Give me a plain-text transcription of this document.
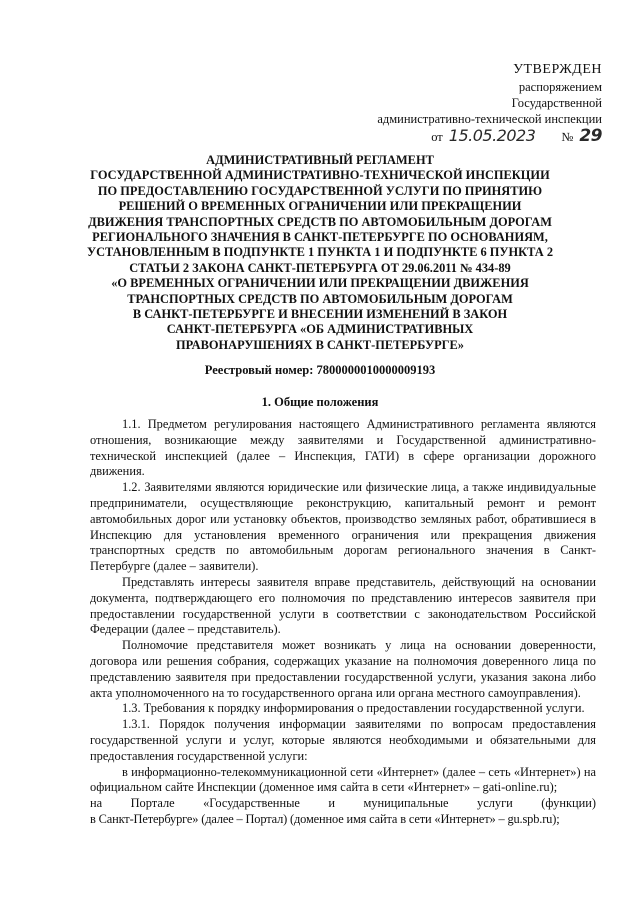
УТВЕРЖДЕН
распоряжением
Государственной
административно-технической инспекции
от 15.05.2023 № 29
АДМИНИСТРАТИВНЫЙ РЕГЛАМЕНТ
ГОСУДАРСТВЕННОЙ АДМИНИСТРАТИВНО-ТЕХНИЧЕСКОЙ ИНСПЕКЦИИ
ПО ПРЕДОСТАВЛЕНИЮ ГОСУДАРСТВЕННОЙ УСЛУГИ ПО ПРИНЯТИЮ
РЕШЕНИЙ О ВРЕМЕННЫХ ОГРАНИЧЕНИИ ИЛИ ПРЕКРАЩЕНИИ
ДВИЖЕНИЯ ТРАНСПОРТНЫХ СРЕДСТВ ПО АВТОМОБИЛЬНЫМ ДОРОГАМ
РЕГИОНАЛЬНОГО ЗНАЧЕНИЯ В САНКТ-ПЕТЕРБУРГЕ ПО ОСНОВАНИЯМ,
УСТАНОВЛЕННЫМ В ПОДПУНКТЕ 1 ПУНКТА 1 И ПОДПУНКТЕ 6 ПУНКТА 2
СТАТЬИ 2 ЗАКОНА САНКТ-ПЕТЕРБУРГА ОТ 29.06.2011 № 434-89
«О ВРЕМЕННЫХ ОГРАНИЧЕНИИ ИЛИ ПРЕКРАЩЕНИИ ДВИЖЕНИЯ
ТРАНСПОРТНЫХ СРЕДСТВ ПО АВТОМОБИЛЬНЫМ ДОРОГАМ
В САНКТ-ПЕТЕРБУРГЕ И ВНЕСЕНИИ ИЗМЕНЕНИЙ В ЗАКОН
САНКТ-ПЕТЕРБУРГА «ОБ АДМИНИСТРАТИВНЫХ
ПРАВОНАРУШЕНИЯХ В САНКТ-ПЕТЕРБУРГЕ»
Реестровый номер: 7800000010000009193
1. Общие положения
1.1. Предметом регулирования настоящего Административного регламента являются отношения, возникающие между заявителями и Государственной административно-технической инспекцией (далее – Инспекция, ГАТИ) в сфере организации дорожного движения.
1.2. Заявителями являются юридические или физические лица, а также индивидуальные предприниматели, осуществляющие реконструкцию, капитальный ремонт и ремонт автомобильных дорог или установку объектов, производство земляных работ, обратившиеся в Инспекцию для установления временного ограничения или прекращения движения транспортных средств по автомобильным дорогам регионального значения в Санкт-Петербурге (далее – заявители).
Представлять интересы заявителя вправе представитель, действующий на основании документа, подтверждающего его полномочия по представлению интересов заявителя при предоставлении государственной услуги в соответствии с законодательством Российской Федерации (далее – представитель).
Полномочие представителя может возникать у лица на основании доверенности, договора или решения собрания, содержащих указание на полномочия доверенного лица по представлению заявителя при предоставлении государственной услуги, указания закона либо акта уполномоченного на то государственного органа или органа местного самоуправления).
1.3. Требования к порядку информирования о предоставлении государственной услуги.
1.3.1. Порядок получения информации заявителями по вопросам предоставления государственной услуги и услуг, которые являются необходимыми и обязательными для предоставления государственной услуги:
в информационно-телекоммуникационной сети «Интернет» (далее – сеть «Интернет») на официальном сайте Инспекции (доменное имя сайта в сети «Интернет» – gati-online.ru);
на Портале «Государственные и муниципальные услуги (функции)
в Санкт-Петербурге» (далее – Портал) (доменное имя сайта в сети «Интернет» – gu.spb.ru);
